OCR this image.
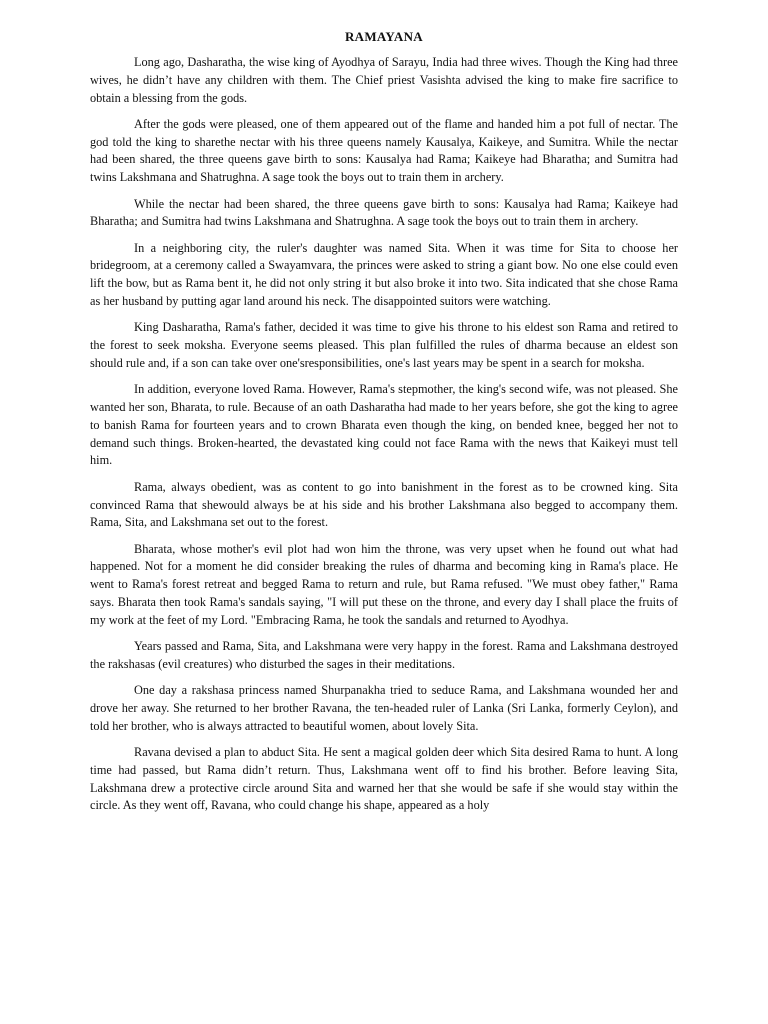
RAMAYANA

Long ago, Dasharatha, the wise king of Ayodhya of Sarayu, India had three wives. Though the King had three wives, he didn’t have any children with them. The Chief priest Vasishta advised the king to make fire sacrifice to obtain a blessing from the gods.

After the gods were pleased, one of them appeared out of the flame and handed him a pot full of nectar. The god told the king to sharethe nectar with his three queens namely Kausalya, Kaikeye, and Sumitra. While the nectar had been shared, the three queens gave birth to sons: Kausalya had Rama; Kaikeye had Bharatha; and Sumitra had twins Lakshmana and Shatrughna. A sage took the boys out to train them in archery.

While the nectar had been shared, the three queens gave birth to sons: Kausalya had Rama; Kaikeye had Bharatha; and Sumitra had twins Lakshmana and Shatrughna. A sage took the boys out to train them in archery.

In a neighboring city, the ruler's daughter was named Sita. When it was time for Sita to choose her bridegroom, at a ceremony called a Swayamvara, the princes were asked to string a giant bow. No one else could even lift the bow, but as Rama bent it, he did not only string it but also broke it into two. Sita indicated that she chose Rama as her husband by putting agar land around his neck. The disappointed suitors were watching.

King Dasharatha, Rama's father, decided it was time to give his throne to his eldest son Rama and retired to the forest to seek moksha. Everyone seems pleased. This plan fulfilled the rules of dharma because an eldest son should rule and, if a son can take over one'sresponsibilities, one's last years may be spent in a search for moksha.

In addition, everyone loved Rama. However, Rama's stepmother, the king's second wife, was not pleased. She wanted her son, Bharata, to rule. Because of an oath Dasharatha had made to her years before, she got the king to agree to banish Rama for fourteen years and to crown Bharata even though the king, on bended knee, begged her not to demand such things. Broken-hearted, the devastated king could not face Rama with the news that Kaikeyi must tell him.

Rama, always obedient, was as content to go into banishment in the forest as to be crowned king. Sita convinced Rama that shewould always be at his side and his brother Lakshmana also begged to accompany them. Rama, Sita, and Lakshmana set out to the forest.

Bharata, whose mother's evil plot had won him the throne, was very upset when he found out what had happened. Not for a moment he did consider breaking the rules of dharma and becoming king in Rama's place. He went to Rama's forest retreat and begged Rama to return and rule, but Rama refused. "We must obey father," Rama says. Bharata then took Rama's sandals saying, "I will put these on the throne, and every day I shall place the fruits of my work at the feet of my Lord. "Embracing Rama, he took the sandals and returned to Ayodhya.

Years passed and Rama, Sita, and Lakshmana were very happy in the forest. Rama and Lakshmana destroyed the rakshasas (evil creatures) who disturbed the sages in their meditations.

One day a rakshasa princess named Shurpanakha tried to seduce Rama, and Lakshmana wounded her and drove her away. She returned to her brother Ravana, the ten-headed ruler of Lanka (Sri Lanka, formerly Ceylon), and told her brother, who is always attracted to beautiful women, about lovely Sita.

Ravana devised a plan to abduct Sita. He sent a magical golden deer which Sita desired Rama to hunt. A long time had passed, but Rama didn’t return. Thus, Lakshmana went off to find his brother. Before leaving Sita, Lakshmana drew a protective circle around Sita and warned her that she would be safe if she would stay within the circle. As they went off, Ravana, who could change his shape, appeared as a holy
